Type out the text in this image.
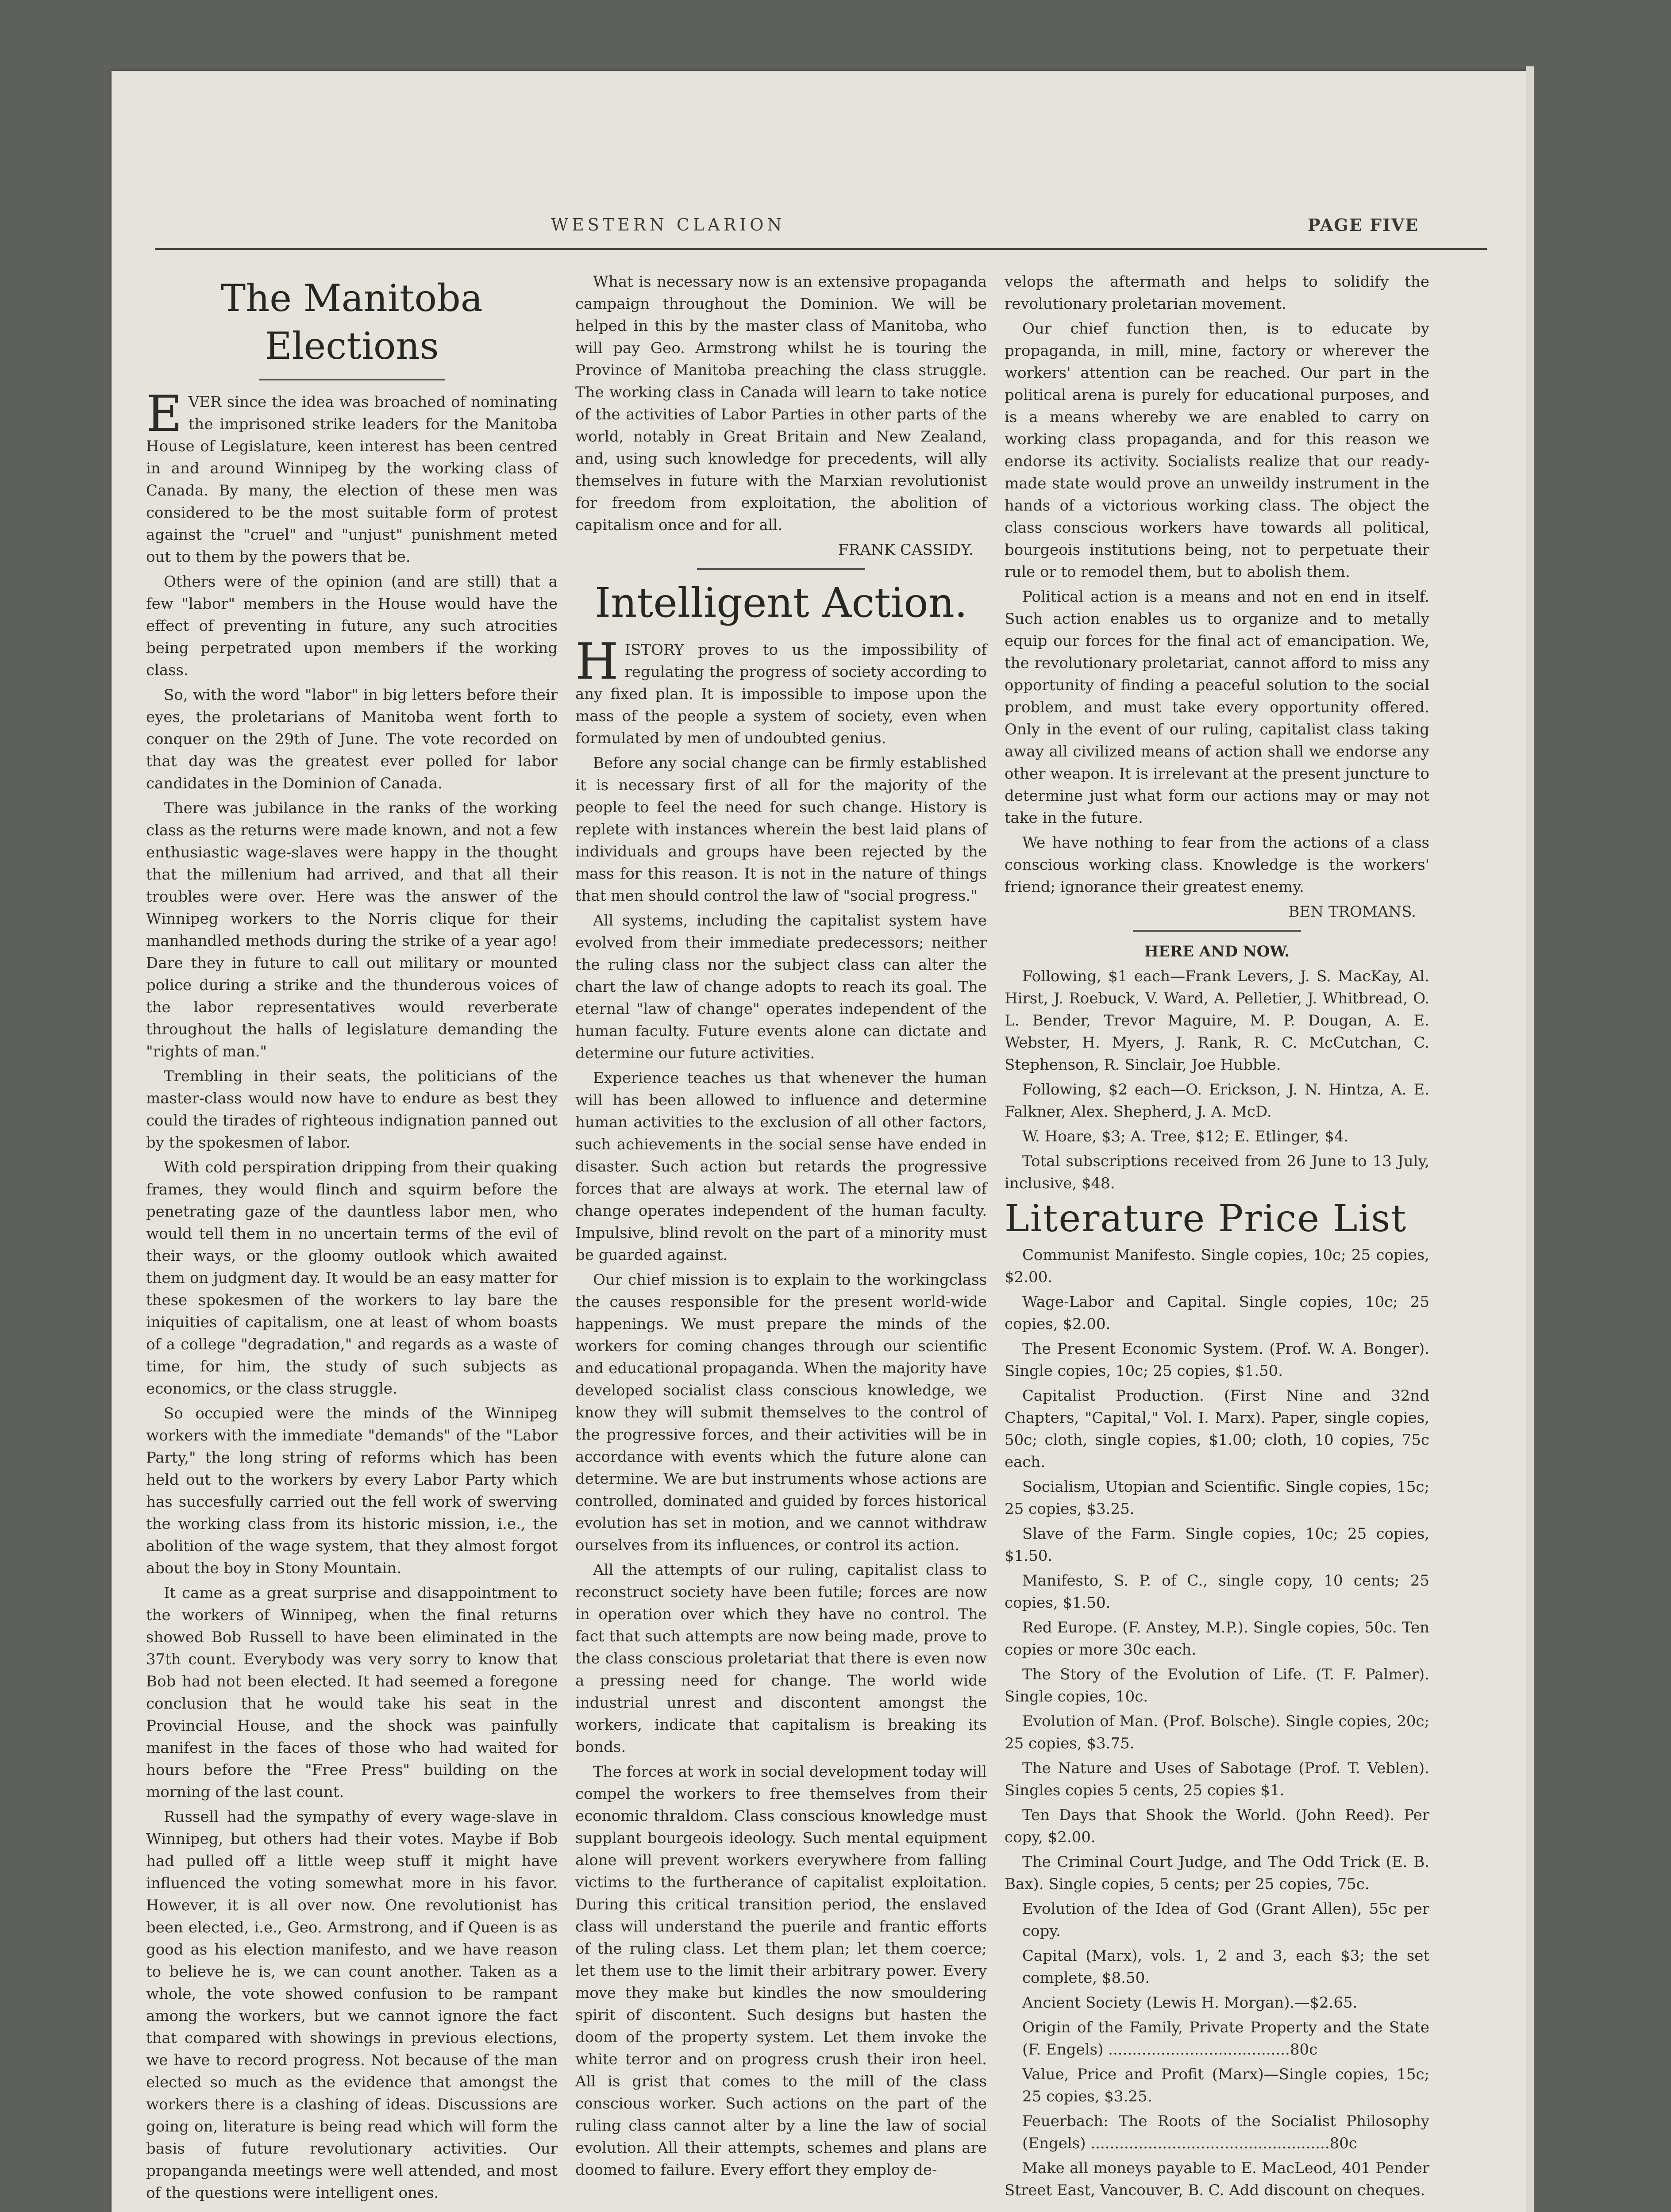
WESTERN CLARION	PAGE FIVE
The Manitoba
Elections

EVER since the idea was broached of nominating the imprisoned strike leaders for the Manitoba House of Legislature, keen interest has been centred in and around Winnipeg by the working class of Canada. By many, the election of these men was considered to be the most suitable form of protest against the "cruel" and "unjust" punishment meted out to them by the powers that be.

Others were of the opinion (and are still) that a few "labor" members in the House would have the effect of preventing in future, any such atrocities being perpetrated upon members if the working class.

So, with the word "labor" in big letters before their eyes, the proletarians of Manitoba went forth to conquer on the 29th of June. The vote recorded on that day was the greatest ever polled for labor candidates in the Dominion of Canada.

There was jubilance in the ranks of the working class as the returns were made known, and not a few enthusiastic wage-slaves were happy in the thought that the millenium had arrived, and that all their troubles were over. Here was the answer of the Winnipeg workers to the Norris clique for their manhandled methods during the strike of a year ago! Dare they in future to call out military or mounted police during a strike and the thunderous voices of the labor representatives would reverberate throughout the halls of legislature demanding the "rights of man."

Trembling in their seats, the politicians of the master-class would now have to endure as best they could the tirades of righteous indignation panned out by the spokesmen of labor.

With cold perspiration dripping from their quaking frames, they would flinch and squirm before the penetrating gaze of the dauntless labor men, who would tell them in no uncertain terms of the evil of their ways, or the gloomy outlook which awaited them on judgment day. It would be an easy matter for these spokesmen of the workers to lay bare the iniquities of capitalism, one at least of whom boasts of a college "degradation," and regards as a waste of time, for him, the study of such subjects as economics, or the class struggle.

So occupied were the minds of the Winnipeg workers with the immediate "demands" of the "Labor Party," the long string of reforms which has been held out to the workers by every Labor Party which has succesfully carried out the fell work of swerving the working class from its historic mission, i.e., the abolition of the wage system, that they almost forgot about the boy in Stony Mountain.

It came as a great surprise and disappointment to the workers of Winnipeg, when the final returns showed Bob Russell to have been eliminated in the 37th count. Everybody was very sorry to know that Bob had not been elected. It had seemed a foregone conclusion that he would take his seat in the Provincial House, and the shock was painfully manifest in the faces of those who had waited for hours before the "Free Press" building on the morning of the last count.

Russell had the sympathy of every wage-slave in Winnipeg, but others had their votes. Maybe if Bob had pulled off a little weep stuff it might have influenced the voting somewhat more in his favor. However, it is all over now. One revolutionist has been elected, i.e., Geo. Armstrong, and if Queen is as good as his election manifesto, and we have reason to believe he is, we can count another. Taken as a whole, the vote showed confusion to be rampant among the workers, but we cannot ignore the fact that compared with showings in previous elections, we have to record progress. Not because of the man elected so much as the evidence that amongst the workers there is a clashing of ideas. Discussions are going on, literature is being read which will form the basis of future revolutionary activities. Our propanganda meetings were well attended, and most of the questions were intelligent ones.

What is necessary now is an extensive propaganda campaign throughout the Dominion. We will be helped in this by the master class of Manitoba, who will pay Geo. Armstrong whilst he is touring the Province of Manitoba preaching the class struggle. The working class in Canada will learn to take notice of the activities of Labor Parties in other parts of the world, notably in Great Britain and New Zealand, and, using such knowledge for precedents, will ally themselves in future with the Marxian revolutionist for freedom from exploitation, the abolition of capitalism once and for all.

FRANK CASSIDY.

Intelligent Action.

HISTORY proves to us the impossibility of regulating the progress of society according to any fixed plan. It is impossible to impose upon the mass of the people a system of society, even when formulated by men of undoubted genius.

Before any social change can be firmly established it is necessary first of all for the majority of the people to feel the need for such change. History is replete with instances wherein the best laid plans of individuals and groups have been rejected by the mass for this reason. It is not in the nature of things that men should control the law of "social progress."

All systems, including the capitalist system have evolved from their immediate predecessors; neither the ruling class nor the subject class can alter the chart the law of change adopts to reach its goal. The eternal "law of change" operates independent of the human faculty. Future events alone can dictate and determine our future activities.

Experience teaches us that whenever the human will has been allowed to influence and determine human activities to the exclusion of all other factors, such achievements in the social sense have ended in disaster. Such action but retards the progressive forces that are always at work. The eternal law of change operates independent of the human faculty. Impulsive, blind revolt on the part of a minority must be guarded against.

Our chief mission is to explain to the workingclass the causes responsible for the present world-wide happenings. We must prepare the minds of the workers for coming changes through our scientific and educational propaganda. When the majority have developed socialist class conscious knowledge, we know they will submit themselves to the control of the progressive forces, and their activities will be in accordance with events which the future alone can determine. We are but instruments whose actions are controlled, dominated and guided by forces historical evolution has set in motion, and we cannot withdraw ourselves from its influences, or control its action.

All the attempts of our ruling, capitalist class to reconstruct society have been futile; forces are now in operation over which they have no control. The fact that such attempts are now being made, prove to the class conscious proletariat that there is even now a pressing need for change. The world wide industrial unrest and discontent amongst the workers, indicate that capitalism is breaking its bonds.

The forces at work in social development today will compel the workers to free themselves from their economic thraldom. Class conscious knowledge must supplant bourgeois ideology. Such mental equipment alone will prevent workers everywhere from falling victims to the furtherance of capitalist exploitation. During this critical transition period, the enslaved class will understand the puerile and frantic efforts of the ruling class. Let them plan; let them coerce; let them use to the limit their arbitrary power. Every move they make but kindles the now smouldering spirit of discontent. Such designs but hasten the doom of the property system. Let them invoke the white terror and on progress crush their iron heel. All is grist that comes to the mill of the class conscious worker. Such actions on the part of the ruling class cannot alter by a line the law of social evolution. All their attempts, schemes and plans are doomed to failure. Every effort they employ de-

velops the aftermath and helps to solidify the revolutionary proletarian movement.

Our chief function then, is to educate by propaganda, in mill, mine, factory or wherever the workers' attention can be reached. Our part in the political arena is purely for educational purposes, and is a means whereby we are enabled to carry on working class propaganda, and for this reason we endorse its activity. Socialists realize that our ready-made state would prove an unweildy instrument in the hands of a victorious working class. The object the class conscious workers have towards all political, bourgeois institutions being, not to perpetuate their rule or to remodel them, but to abolish them.

Political action is a means and not en end in itself. Such action enables us to organize and to metally equip our forces for the final act of emancipation. We, the revolutionary proletariat, cannot afford to miss any opportunity of finding a peaceful solution to the social problem, and must take every opportunity offered. Only in the event of our ruling, capitalist class taking away all civilized means of action shall we endorse any other weapon. It is irrelevant at the present juncture to determine just what form our actions may or may not take in the future.

We have nothing to fear from the actions of a class conscious working class. Knowledge is the workers' friend; ignorance their greatest enemy.

BEN TROMANS.

HERE AND NOW.

Following, $1 each—Frank Levers, J. S. MacKay, Al. Hirst, J. Roebuck, V. Ward, A. Pelletier, J. Whitbread, O. L. Bender, Trevor Maguire, M. P. Dougan, A. E. Webster, H. Myers, J. Rank, R. C. McCutchan, C. Stephenson, R. Sinclair, Joe Hubble.

Following, $2 each—O. Erickson, J. N. Hintza, A. E. Falkner, Alex. Shepherd, J. A. McD.

W. Hoare, $3; A. Tree, $12; E. Etlinger, $4.

Total subscriptions received from 26 June to 13 July, inclusive, $48.

Literature Price List

Communist Manifesto. Single copies, 10c; 25 copies, $2.00.

Wage-Labor and Capital. Single copies, 10c; 25 copies, $2.00.

The Present Economic System. (Prof. W. A. Bonger). Single copies, 10c; 25 copies, $1.50.

Capitalist Production. (First Nine and 32nd Chapters, "Capital," Vol. I. Marx). Paper, single copies, 50c; cloth, single copies, $1.00; cloth, 10 copies, 75c each.

Socialism, Utopian and Scientific. Single copies, 15c; 25 copies, $3.25.

Slave of the Farm. Single copies, 10c; 25 copies, $1.50.

Manifesto, S. P. of C., single copy, 10 cents; 25 copies, $1.50.

Red Europe. (F. Anstey, M.P.). Single copies, 50c. Ten copies or more 30c each.

The Story of the Evolution of Life. (T. F. Palmer). Single copies, 10c.

Evolution of Man. (Prof. Bolsche). Single copies, 20c; 25 copies, $3.75.

The Nature and Uses of Sabotage (Prof. T. Veblen). Singles copies 5 cents, 25 copies $1.

Ten Days that Shook the World. (John Reed). Per copy, $2.00.

The Criminal Court Judge, and The Odd Trick (E. B. Bax). Single copies, 5 cents; per 25 copies, 75c.

Evolution of the Idea of God (Grant Allen), 55c per copy.

Capital (Marx), vols. 1, 2 and 3, each $3; the set complete, $8.50.

Ancient Society (Lewis H. Morgan).—$2.65.

Origin of the Family, Private Property and the State (F. Engels) ......................................80c

Value, Price and Profit (Marx)—Single copies, 15c; 25 copies, $3.25.

Feuerbach: The Roots of the Socialist Philosophy (Engels) ..................................................80c

Make all moneys payable to E. MacLeod, 401 Pender Street East, Vancouver, B. C. Add discount on cheques.
